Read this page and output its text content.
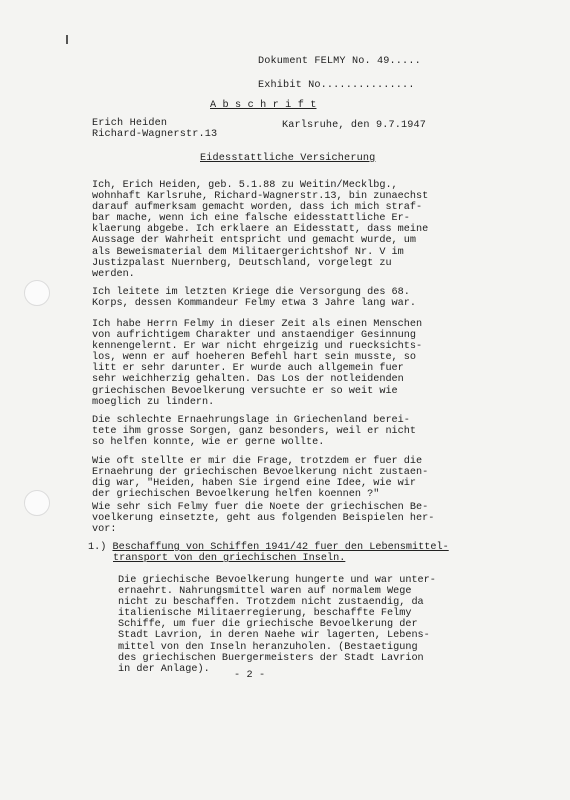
Dokument FELMY No. 49.....
Exhibit No...............
A b s c h r i f t
Erich Heiden
Richard-Wagnerstr.13
Karlsruhe, den 9.7.1947
Eidesstattliche Versicherung
Ich, Erich Heiden, geb. 5.1.88 zu Weitin/Mecklbg.,
wohnhaft Karlsruhe, Richard-Wagnerstr.13, bin zunaechst
darauf aufmerksam gemacht worden, dass ich mich straf-
bar mache, wenn ich eine falsche eidesstattliche Er-
klaerung abgebe. Ich erklaere an Eidesstatt, dass meine
Aussage der Wahrheit entspricht und gemacht wurde, um
als Beweismaterial dem Militaergerichtshof Nr. V im
Justizpalast Nuernberg, Deutschland, vorgelegt zu
werden.
Ich leitete im letzten Kriege die Versorgung des 68.
Korps, dessen Kommandeur Felmy etwa 3 Jahre lang war.
Ich habe Herrn Felmy in dieser Zeit als einen Menschen
von aufrichtigem Charakter und anstaendiger Gesinnung
kennengelernt. Er war nicht ehrgeizig und ruecksichts-
los, wenn er auf hoeheren Befehl hart sein musste, so
litt er sehr darunter. Er wurde auch allgemein fuer
sehr weichherzig gehalten. Das Los der notleidenden
griechischen Bevoelkerung versuchte er so weit wie
moeglich zu lindern.
Die schlechte Ernaehrungslage in Griechenland berei-
tete ihm grosse Sorgen, ganz besonders, weil er nicht
so helfen konnte, wie er gerne wollte.
Wie oft stellte er mir die Frage, trotzdem er fuer die
Ernaehrung der griechischen Bevoelkerung nicht zustaen-
dig war, "Heiden, haben Sie irgend eine Idee, wie wir
der griechischen Bevoelkerung helfen koennen ?"
Wie sehr sich Felmy fuer die Noete der griechischen Be-
voelkerung einsetzte, geht aus folgenden Beispielen her-
vor:
1.) Beschaffung von Schiffen 1941/42 fuer den Lebensmittel-
transport von den griechischen Inseln.
Die griechische Bevoelkerung hungerte und war unter-
ernaehrt. Nahrungsmittel waren auf normalem Wege
nicht zu beschaffen. Trotzdem nicht zustaendig, da
italienische Militaerregierung, beschaffte Felmy
Schiffe, um fuer die griechische Bevoelkerung der
Stadt Lavrion, in deren Naehe wir lagerten, Lebens-
mittel von den Inseln heranzuholen. (Bestaetigung
des griechischen Buergermeisters der Stadt Lavrion
in der Anlage).
- 2 -
